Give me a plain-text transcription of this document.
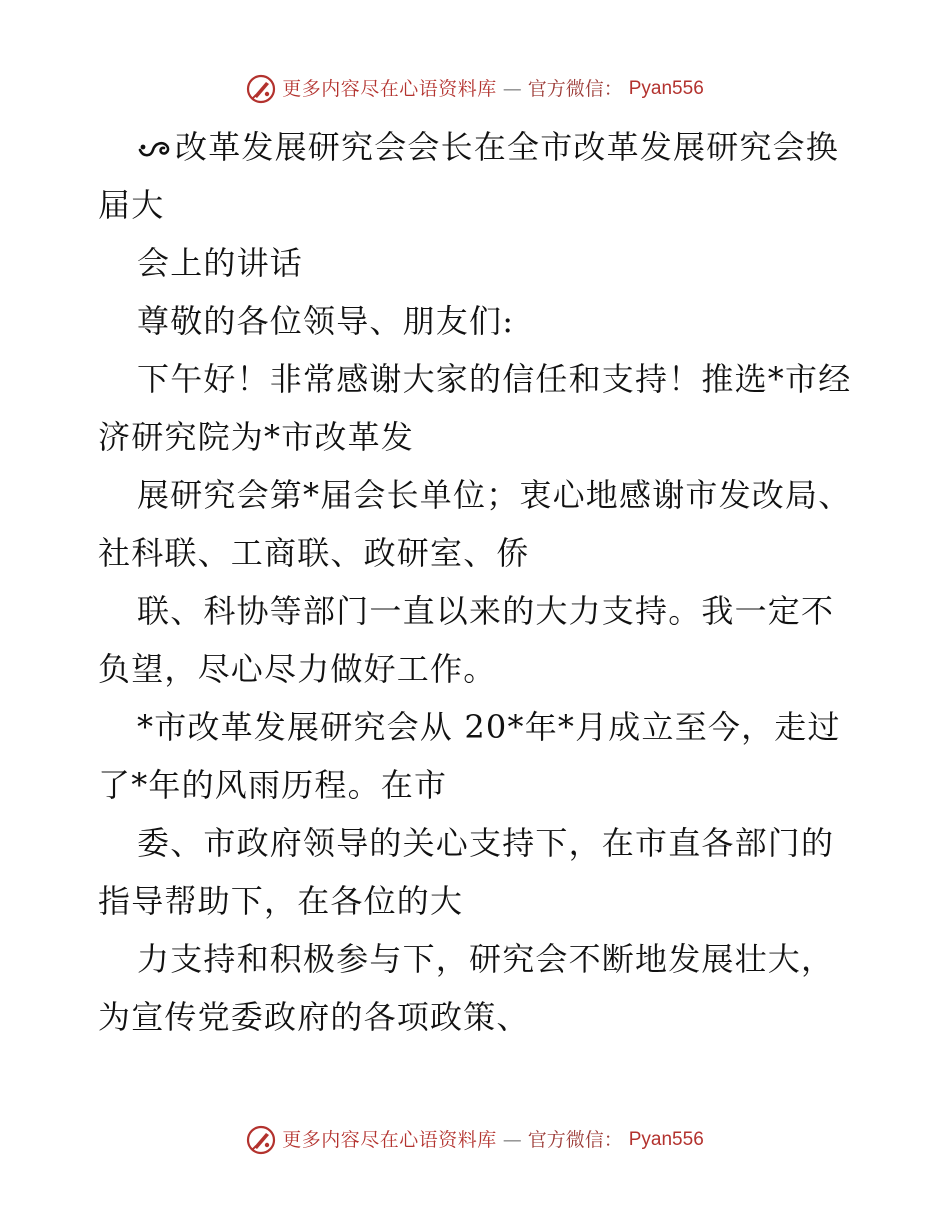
更多内容尽在心语资料库 — 官方微信： Pyan556

改革发展研究会会长在全市改革发展研究会换届大

会上的讲话

尊敬的各位领导、朋友们:

下午好！非常感谢大家的信任和支持！推选*市经济研究院为*市改革发

展研究会第*届会长单位；衷心地感谢市发改局、社科联、工商联、政研室、侨

联、科协等部门一直以来的大力支持。我一定不负望，尽心尽力做好工作。

*市改革发展研究会从 20*年*月成立至今，走过了*年的风雨历程。在市

委、市政府领导的关心支持下，在市直各部门的指导帮助下，在各位的大

力支持和积极参与下，研究会不断地发展壮大，为宣传党委政府的各项政策、

更多内容尽在心语资料库 — 官方微信： Pyan556
